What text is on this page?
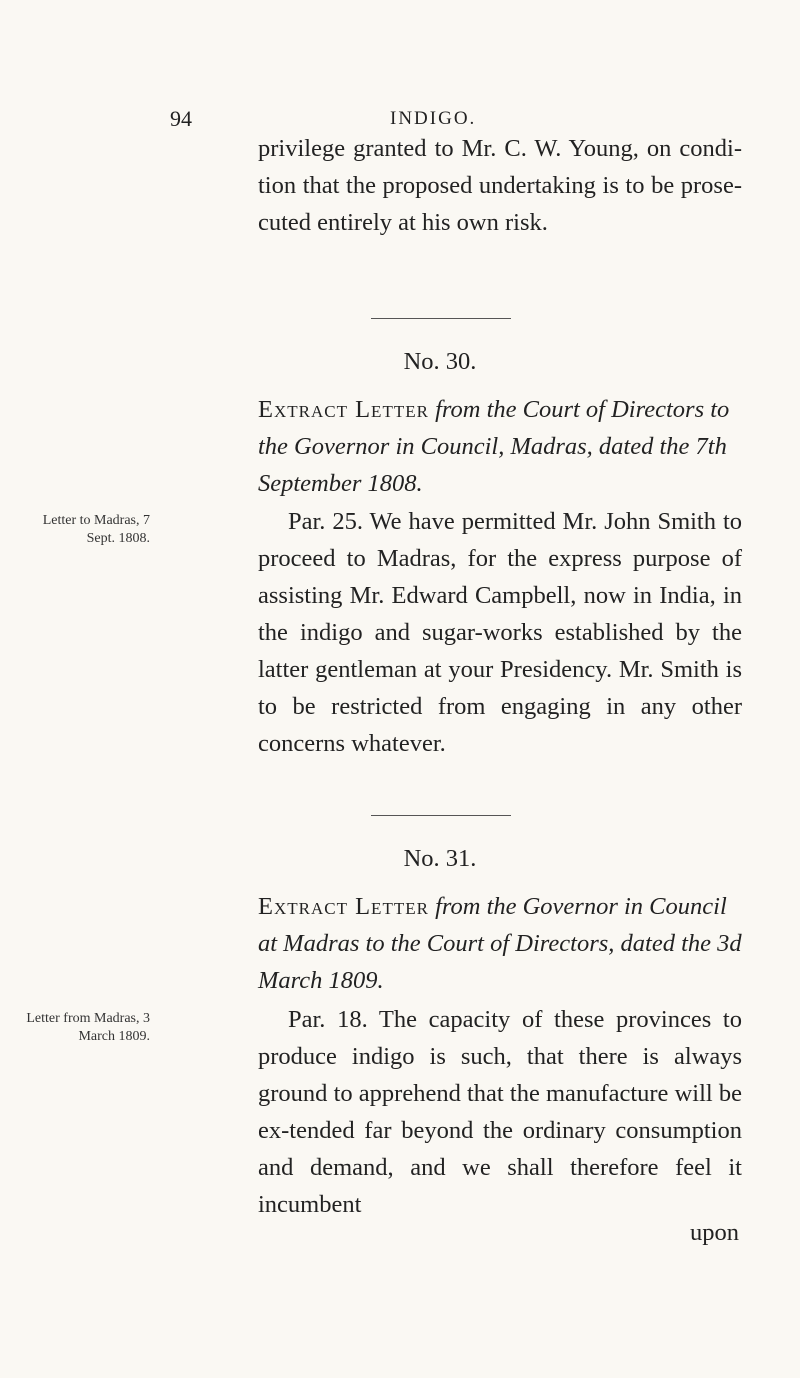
94	INDIGO.
privilege granted to Mr. C. W. Young, on condi-tion that the proposed undertaking is to be prose-cuted entirely at his own risk.
No. 30.
Extract Letter from the Court of Directors to the Governor in Council, Madras, dated the 7th September 1808.
Letter to Madras, 7 Sept. 1808.
Par. 25. We have permitted Mr. John Smith to proceed to Madras, for the express purpose of assisting Mr. Edward Campbell, now in India, in the indigo and sugar-works established by the latter gentleman at your Presidency. Mr. Smith is to be restricted from engaging in any other concerns whatever.
No. 31.
Extract Letter from the Governor in Council at Madras to the Court of Directors, dated the 3d March 1809.
Letter from Madras, 3 March 1809.
Par. 18. The capacity of these provinces to produce indigo is such, that there is always ground to apprehend that the manufacture will be ex-tended far beyond the ordinary consumption and demand, and we shall therefore feel it incumbent
upon
